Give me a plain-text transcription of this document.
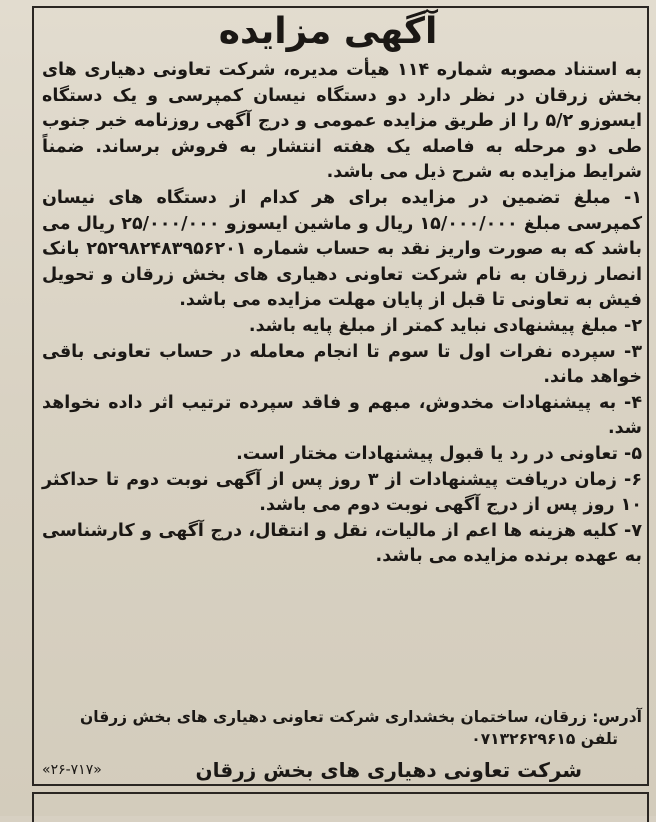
آگهی مزایده

به استناد مصوبه شماره ۱۱۴ هیأت مدیره، شرکت تعاونی دهیاری های بخش زرقان در نظر دارد دو دستگاه نیسان کمپرسی و یک دستگاه ایسوزو ۵/۲ را از طریق مزایده عمومی و درج آگهی روزنامه خبر جنوب طی دو مرحله به فاصله یک هفته انتشار به فروش برساند. ضمناً شرایط مزایده به شرح ذیل می باشد.

۱- مبلغ تضمین در مزایده برای هر کدام از دستگاه های نیسان کمپرسی مبلغ ۱۵/۰۰۰/۰۰۰ ریال و ماشین ایسوزو ۲۵/۰۰۰/۰۰۰ ریال می باشد که به صورت واریز نقد به حساب شماره ۲۵۲۹۸۲۴۸۳۹۵۶۲۰۱ بانک انصار زرقان به نام شرکت تعاونی دهیاری های بخش زرقان و تحویل فیش به تعاونی تا قبل از پایان مهلت مزایده می باشد.

۲- مبلغ پیشنهادی نباید کمتر از مبلغ پایه باشد.

۳- سپرده نفرات اول تا سوم تا انجام معامله در حساب تعاونی باقی خواهد ماند.

۴- به پیشنهادات مخدوش، مبهم و فاقد سپرده ترتیب اثر داده نخواهد شد.

۵- تعاونی در رد یا قبول پیشنهادات مختار است.

۶- زمان دریافت پیشنهادات از ۳ روز پس از آگهی نوبت دوم تا حداکثر ۱۰ روز پس از درج آگهی نوبت دوم می باشد.

۷- کلیه هزینه ها اعم از مالیات، نقل و انتقال، درج آگهی و کارشناسی به عهده برنده مزایده می باشد.

آدرس: زرقان، ساختمان بخشداری شرکت تعاونی دهیاری های بخش زرقان

تلفن ۰۷۱۳۲۶۲۹۶۱۵

شرکت تعاونی دهیاری های بخش زرقان
«۲۶-۷۱۷»
